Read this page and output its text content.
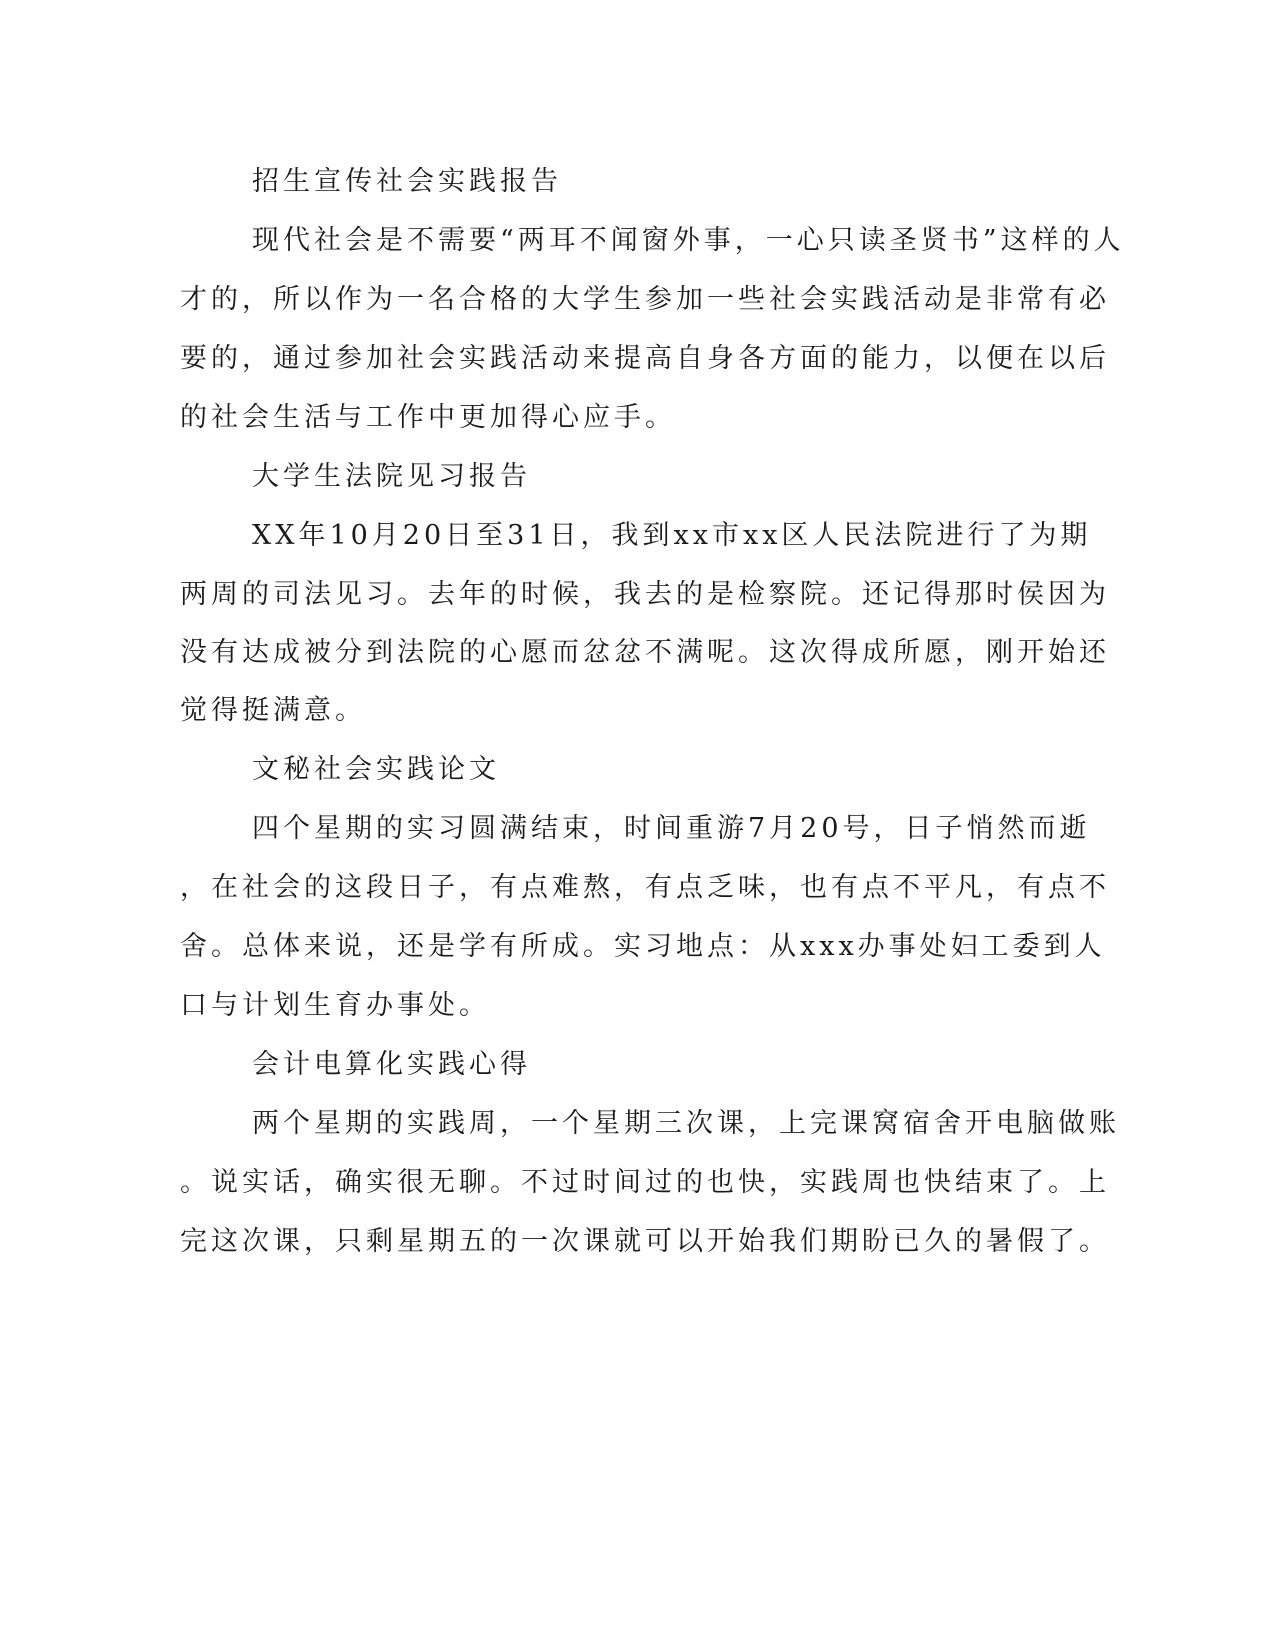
招生宣传社会实践报告
现代社会是不需要“两耳不闻窗外事，一心只读圣贤书”这样的人
才的，所以作为一名合格的大学生参加一些社会实践活动是非常有必
要的，通过参加社会实践活动来提高自身各方面的能力，以便在以后
的社会生活与工作中更加得心应手。
大学生法院见习报告
XX年10月20日至31日，我到xx市xx区人民法院进行了为期
两周的司法见习。去年的时候，我去的是检察院。还记得那时侯因为
没有达成被分到法院的心愿而忿忿不满呢。这次得成所愿，刚开始还
觉得挺满意。
文秘社会实践论文
四个星期的实习圆满结束，时间重游7月20号，日子悄然而逝
，在社会的这段日子，有点难熬，有点乏味，也有点不平凡，有点不
舍。总体来说，还是学有所成。实习地点：从xxx办事处妇工委到人
口与计划生育办事处。
会计电算化实践心得
两个星期的实践周，一个星期三次课，上完课窝宿舍开电脑做账
。说实话，确实很无聊。不过时间过的也快，实践周也快结束了。上
完这次课，只剩星期五的一次课就可以开始我们期盼已久的暑假了。
